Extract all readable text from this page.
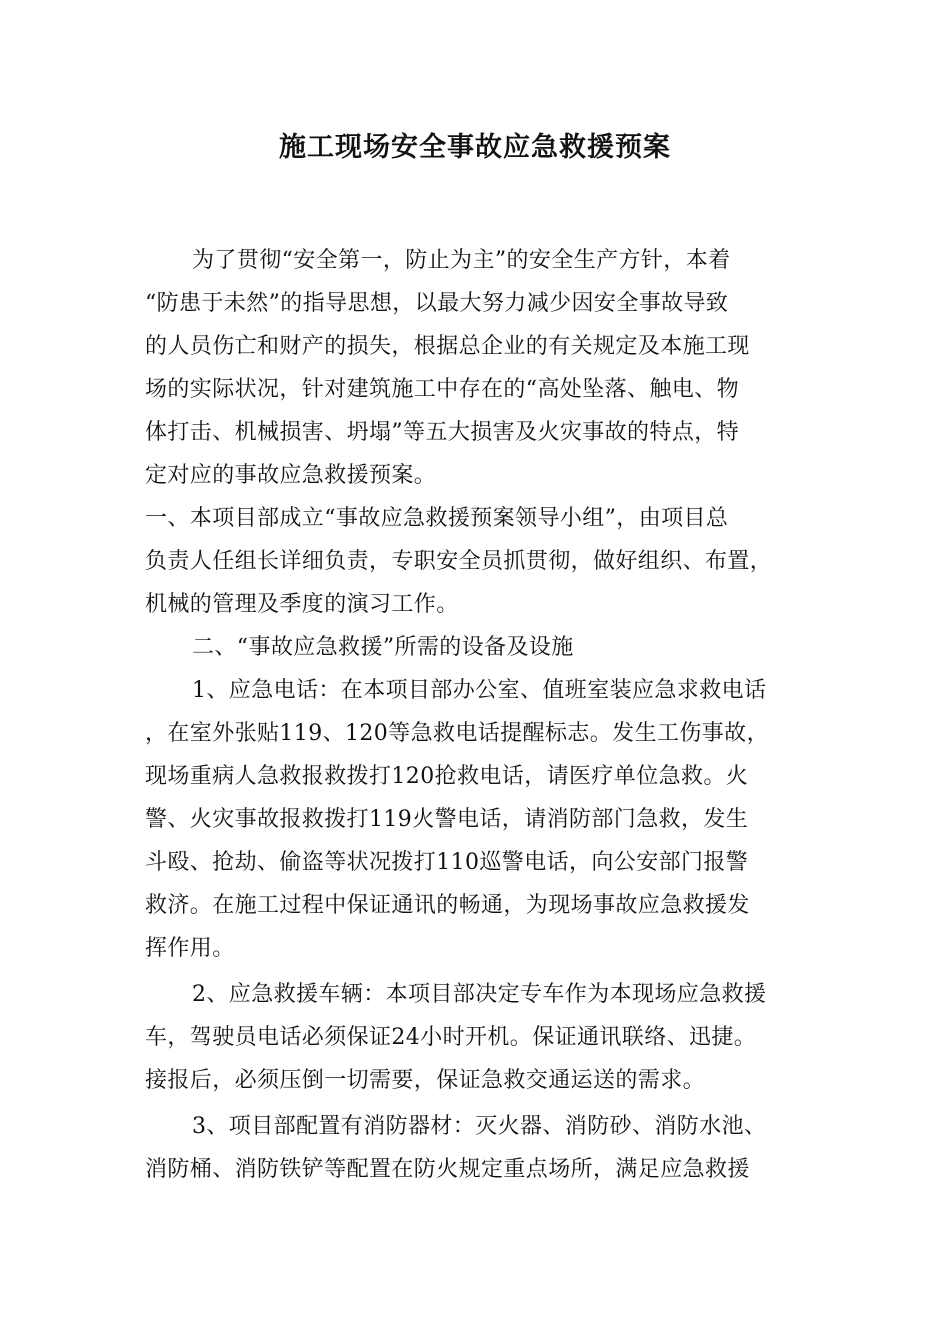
施工现场安全事故应急救援预案
为了贯彻“安全第一，防止为主”的安全生产方针，本着
“防患于未然”的指导思想，以最大努力减少因安全事故导致
的人员伤亡和财产的损失，根据总企业的有关规定及本施工现
场的实际状况，针对建筑施工中存在的“高处坠落、触电、物
体打击、机械损害、坍塌”等五大损害及火灾事故的特点，特
定对应的事故应急救援预案。
一、本项目部成立“事故应急救援预案领导小组”，由项目总
负责人任组长详细负责，专职安全员抓贯彻，做好组织、布置，
机械的管理及季度的演习工作。
二、“事故应急救援”所需的设备及设施
1、应急电话：在本项目部办公室、值班室装应急求救电话
，在室外张贴119、120等急救电话提醒标志。发生工伤事故，
现场重病人急救报救拨打120抢救电话，请医疗单位急救。火
警、火灾事故报救拨打119火警电话，请消防部门急救，发生
斗殴、抢劫、偷盗等状况拨打110巡警电话，向公安部门报警
救济。在施工过程中保证通讯的畅通，为现场事故应急救援发
挥作用。
2、应急救援车辆：本项目部决定专车作为本现场应急救援
车，驾驶员电话必须保证24小时开机。保证通讯联络、迅捷。
接报后，必须压倒一切需要，保证急救交通运送的需求。
3、项目部配置有消防器材：灭火器、消防砂、消防水池、
消防桶、消防铁铲等配置在防火规定重点场所，满足应急救援
